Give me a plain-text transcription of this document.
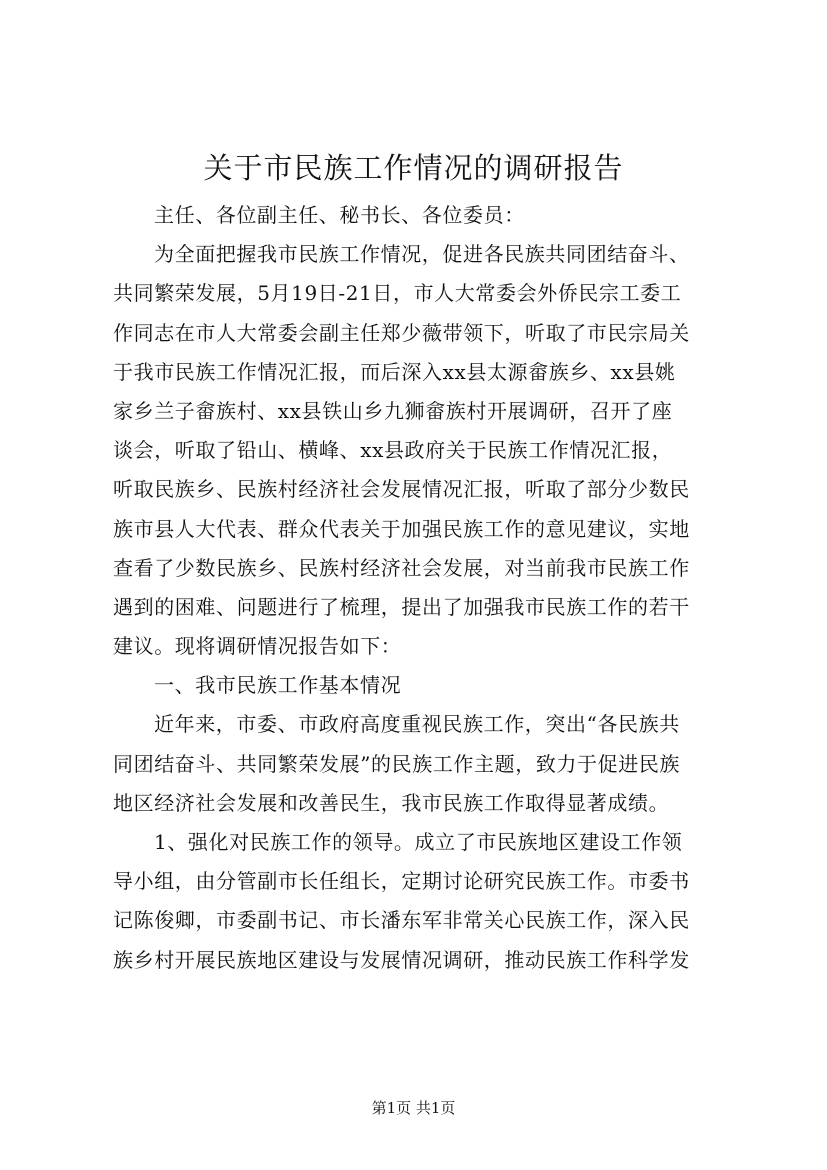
关于市民族工作情况的调研报告
主任、各位副主任、秘书长、各位委员：
为全面把握我市民族工作情况，促进各民族共同团结奋斗、
共同繁荣发展，5月19日-21日，市人大常委会外侨民宗工委工
作同志在市人大常委会副主任郑少薇带领下，听取了市民宗局关
于我市民族工作情况汇报，而后深入xx县太源畲族乡、xx县姚
家乡兰子畲族村、xx县铁山乡九狮畲族村开展调研，召开了座
谈会，听取了铅山、横峰、xx县政府关于民族工作情况汇报，
听取民族乡、民族村经济社会发展情况汇报，听取了部分少数民
族市县人大代表、群众代表关于加强民族工作的意见建议，实地
查看了少数民族乡、民族村经济社会发展，对当前我市民族工作
遇到的困难、问题进行了梳理，提出了加强我市民族工作的若干
建议。现将调研情况报告如下：
一、我市民族工作基本情况
近年来，市委、市政府高度重视民族工作，突出“各民族共
同团结奋斗、共同繁荣发展”的民族工作主题，致力于促进民族
地区经济社会发展和改善民生，我市民族工作取得显著成绩。
1、强化对民族工作的领导。成立了市民族地区建设工作领
导小组，由分管副市长任组长，定期讨论研究民族工作。市委书
记陈俊卿，市委副书记、市长潘东军非常关心民族工作，深入民
族乡村开展民族地区建设与发展情况调研，推动民族工作科学发
第1页 共1页
